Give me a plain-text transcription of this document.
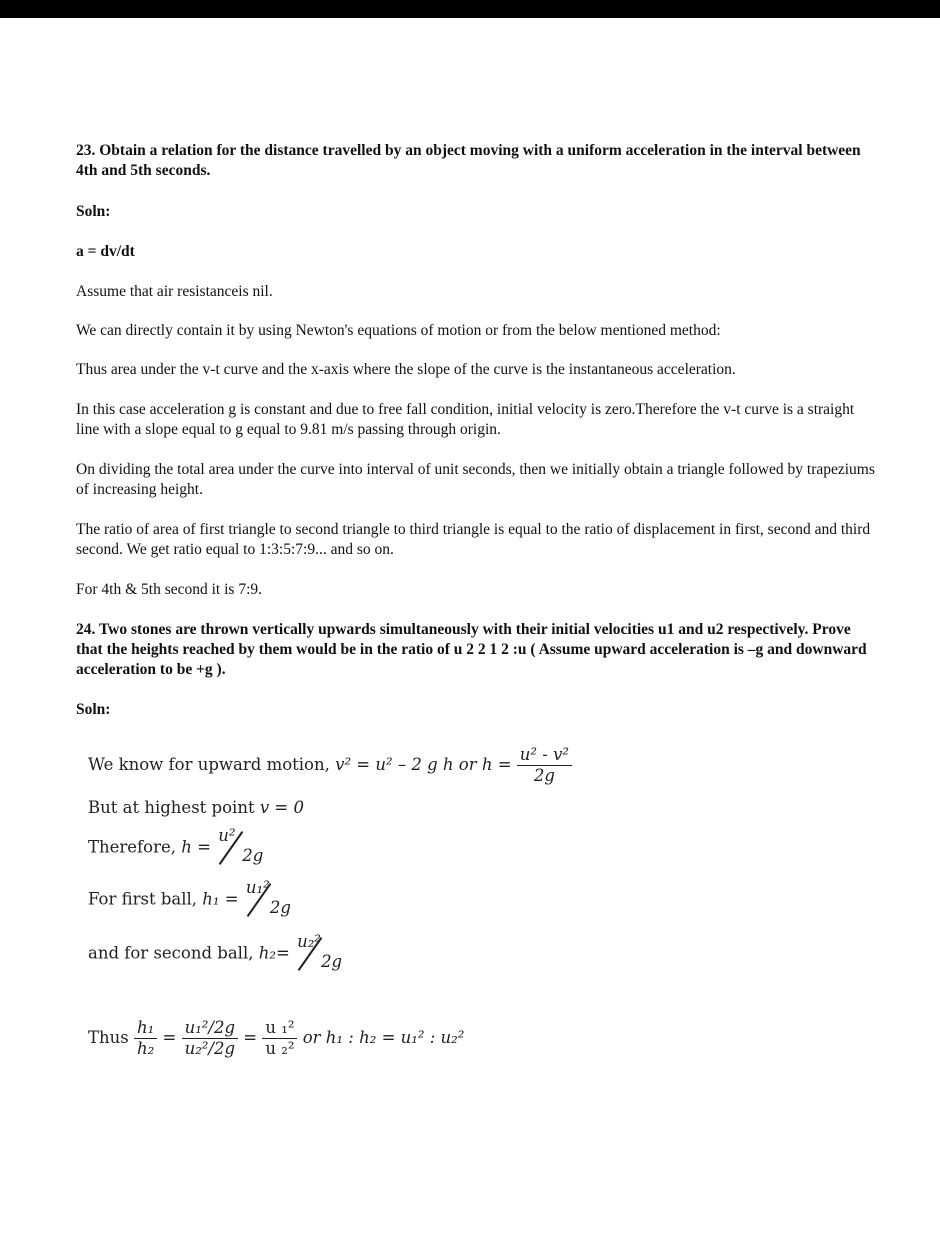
23. Obtain a relation for the distance travelled by an object moving with a uniform acceleration in the interval between 4th and 5th seconds.

Soln:

a = dv/dt

Assume that air resistanceis nil.

We can directly contain it by using Newton's equations of motion or from the below mentioned method:

Thus area under the v-t curve and the x-axis where the slope of the curve is the instantaneous acceleration.

In this case acceleration g is constant and due to free fall condition, initial velocity is zero.Therefore the v-t curve is a straight line with a slope equal to g equal to 9.81 m/s passing through origin.

On dividing the total area under the curve into interval of unit seconds, then we initially obtain a triangle followed by trapeziums of increasing height.

The ratio of area of first triangle to second triangle to third triangle is equal to the ratio of displacement in first, second and third second. We get ratio equal to 1:3:5:7:9... and so on.

For 4th & 5th second it is 7:9.

24. Two stones are thrown vertically upwards simultaneously with their initial velocities u1 and u2 respectively. Prove that the heights reached by them would be in the ratio of u 2 2 1 2 :u ( Assume upward acceleration is –g and downward acceleration to be +g ).

Soln:

We know for upward motion, v² = u² – 2 g h or $h = \frac{\text{u² - v²}}{2g}$
But at highest point v = 0
Therefore, h =
u²
2g
For first ball, h₁ =
u₁²
2g
and for second ball, h₂=
u₂²
2g
Thus $\frac{\text{h₁}}{\text{h₂}} = \frac{\text{u₁²/2g}}{\text{u₂²/2g}} = \frac{\text{u ₁²}}{\text{u ₂²}}$ or h₁ : h₂ = u₁² : u₂²
